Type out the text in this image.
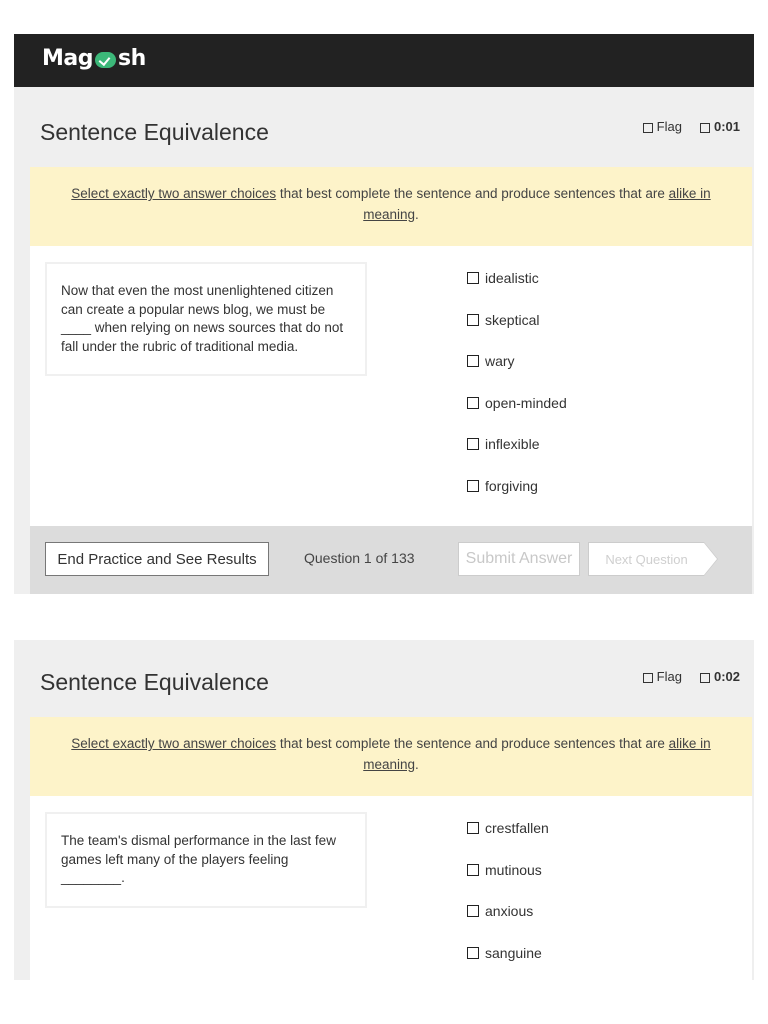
Mag sh
Sentence Equivalence	Flag	0:01
Select exactly two answer choices that best complete the sentence and produce sentences that are alike in meaning.
Now that even the most unenlightened citizen can create a popular news blog, we must be ____ when relying on news sources that do not fall under the rubric of traditional media.
idealistic
skeptical
wary
open-minded
inflexible
forgiving
End Practice and See Results	Question 1 of 133	Submit Answer	Next Question
Sentence Equivalence	Flag	0:02
Select exactly two answer choices that best complete the sentence and produce sentences that are alike in meaning.
The team's dismal performance in the last few games left many of the players feeling ________.
crestfallen
mutinous
anxious
sanguine
